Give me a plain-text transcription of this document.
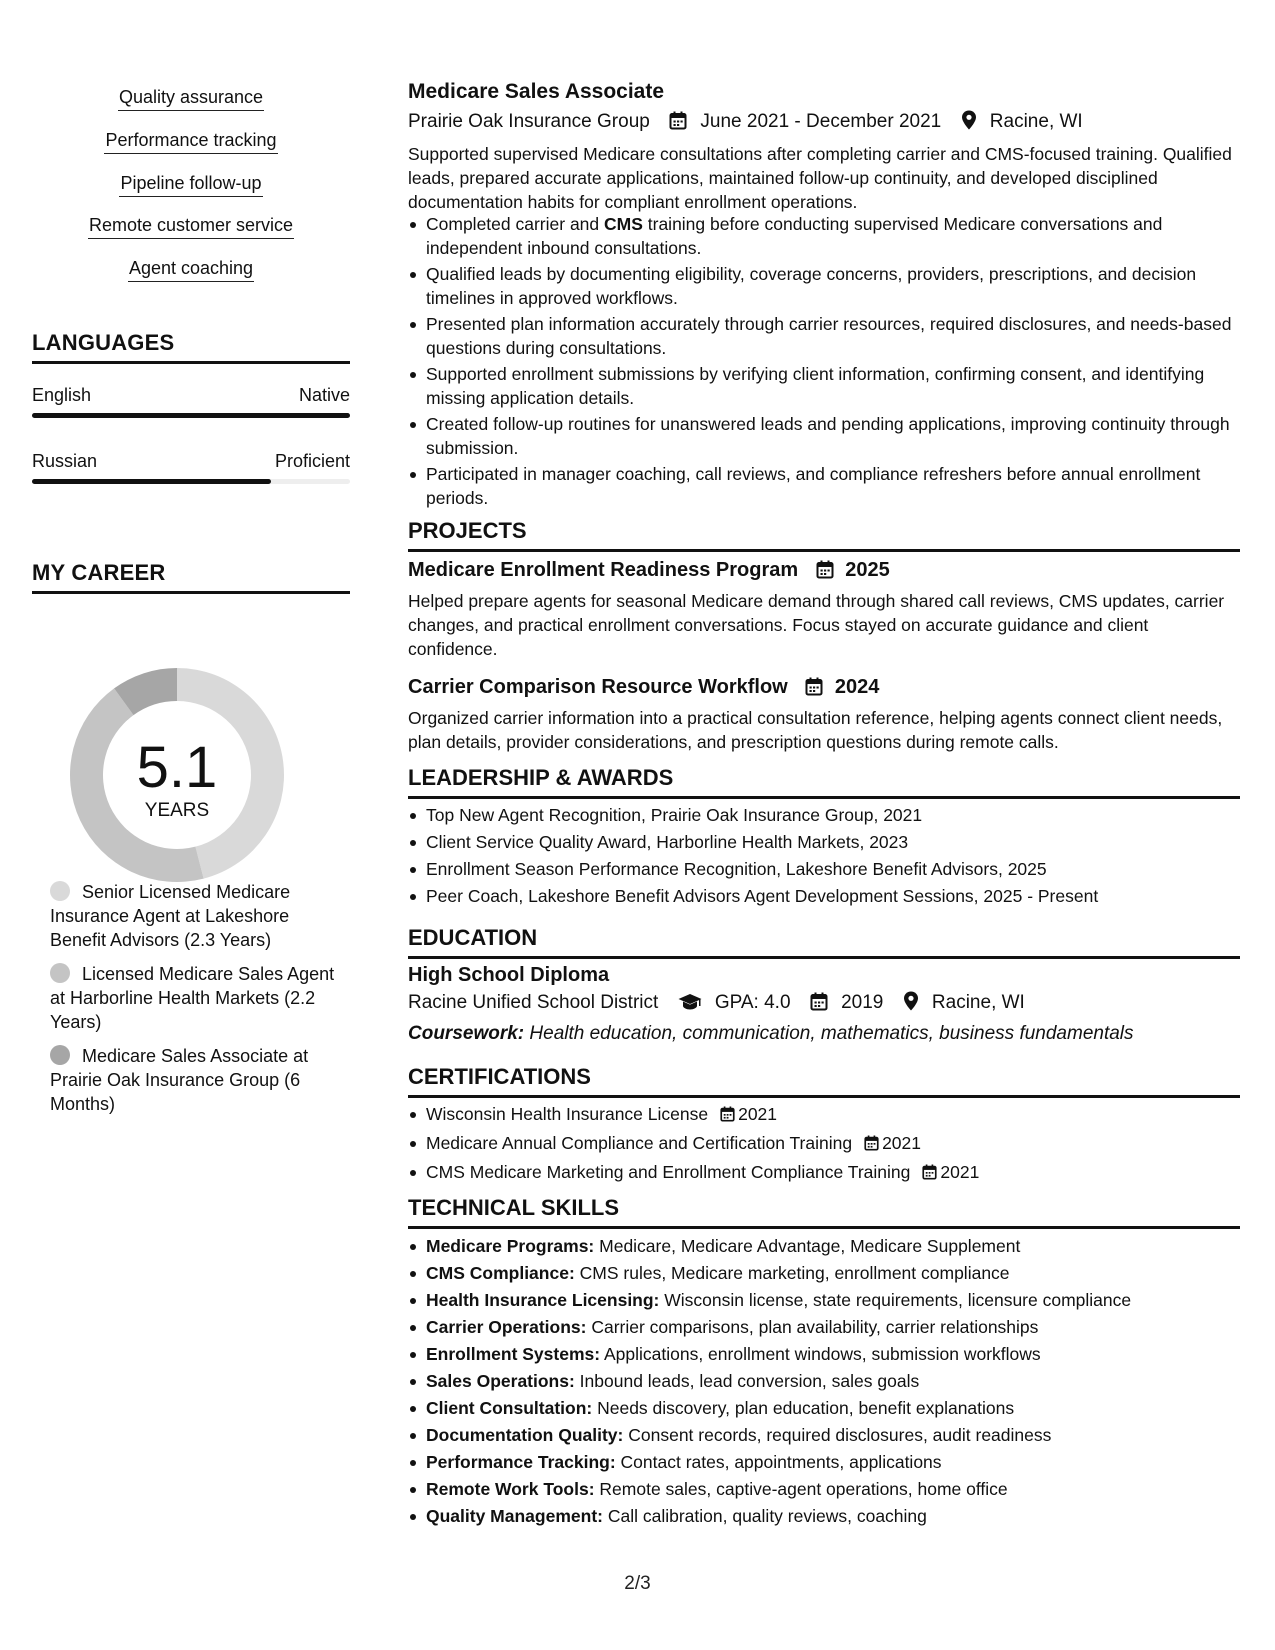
Quality assurance
Performance tracking
Pipeline follow-up
Remote customer service
Agent coaching
LANGUAGES
English	Native
Russian	Proficient
MY CAREER
5.1
YEARS
Senior Licensed Medicare Insurance Agent at Lakeshore Benefit Advisors (2.3 Years)
Licensed Medicare Sales Agent at Harborline Health Markets (2.2 Years)
Medicare Sales Associate at Prairie Oak Insurance Group (6 Months)
Medicare Sales Associate
Prairie Oak Insurance Group	June 2021 - December 2021	Racine, WI
Supported supervised Medicare consultations after completing carrier and CMS-focused training. Qualified leads, prepared accurate applications, maintained follow-up continuity, and developed disciplined documentation habits for compliant enrollment operations.
Completed carrier and CMS training before conducting supervised Medicare conversations and independent inbound consultations.
Qualified leads by documenting eligibility, coverage concerns, providers, prescriptions, and decision timelines in approved workflows.
Presented plan information accurately through carrier resources, required disclosures, and needs-based questions during consultations.
Supported enrollment submissions by verifying client information, confirming consent, and identifying missing application details.
Created follow-up routines for unanswered leads and pending applications, improving continuity through submission.
Participated in manager coaching, call reviews, and compliance refreshers before annual enrollment periods.
PROJECTS
Medicare Enrollment Readiness Program 2025
Helped prepare agents for seasonal Medicare demand through shared call reviews, CMS updates, carrier changes, and practical enrollment conversations. Focus stayed on accurate guidance and client confidence.
Carrier Comparison Resource Workflow 2024
Organized carrier information into a practical consultation reference, helping agents connect client needs, plan details, provider considerations, and prescription questions during remote calls.
LEADERSHIP & AWARDS
Top New Agent Recognition, Prairie Oak Insurance Group, 2021
Client Service Quality Award, Harborline Health Markets, 2023
Enrollment Season Performance Recognition, Lakeshore Benefit Advisors, 2025
Peer Coach, Lakeshore Benefit Advisors Agent Development Sessions, 2025 - Present
EDUCATION
High School Diploma
Racine Unified School District	GPA: 4.0	2019	Racine, WI
Coursework: Health education, communication, mathematics, business fundamentals
CERTIFICATIONS
Wisconsin Health Insurance License 2021
Medicare Annual Compliance and Certification Training 2021
CMS Medicare Marketing and Enrollment Compliance Training 2021
TECHNICAL SKILLS
Medicare Programs: Medicare, Medicare Advantage, Medicare Supplement
CMS Compliance: CMS rules, Medicare marketing, enrollment compliance
Health Insurance Licensing: Wisconsin license, state requirements, licensure compliance
Carrier Operations: Carrier comparisons, plan availability, carrier relationships
Enrollment Systems: Applications, enrollment windows, submission workflows
Sales Operations: Inbound leads, lead conversion, sales goals
Client Consultation: Needs discovery, plan education, benefit explanations
Documentation Quality: Consent records, required disclosures, audit readiness
Performance Tracking: Contact rates, appointments, applications
Remote Work Tools: Remote sales, captive-agent operations, home office
Quality Management: Call calibration, quality reviews, coaching
2/3
